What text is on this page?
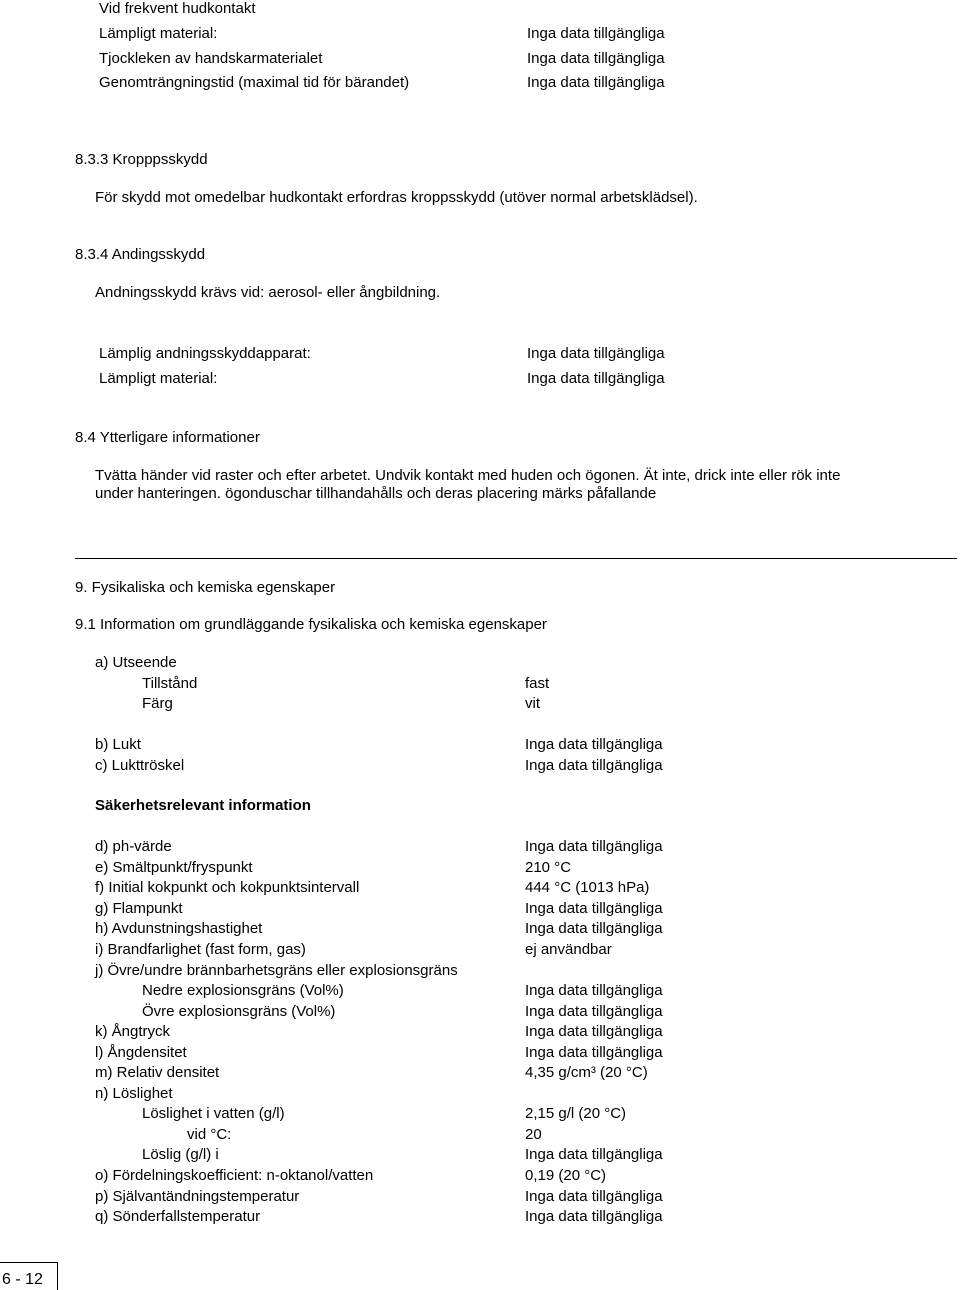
Vid frekvent hudkontakt
Lämpligt material:	Inga data tillgängliga
Tjockleken av handskarmaterialet	Inga data tillgängliga
Genomträngningstid (maximal tid för bärandet)	Inga data tillgängliga
8.3.3 Kropppsskydd
För skydd mot omedelbar hudkontakt erfordras kroppsskydd (utöver normal arbetsklädsel).
8.3.4 Andingsskydd
Andningsskydd krävs vid: aerosol- eller ångbildning.
Lämplig andningsskyddapparat:	Inga data tillgängliga
Lämpligt material:	Inga data tillgängliga
8.4 Ytterligare informationer
Tvätta händer vid raster och efter arbetet. Undvik kontakt med huden och ögonen. Ät inte, drick inte eller rök inte
under hanteringen. ögonduschar tillhandahålls och deras placering märks påfallande
9. Fysikaliska och kemiska egenskaper
9.1 Information om grundläggande fysikaliska och kemiska egenskaper
a) Utseende
Tillstånd	fast
Färg	vit
b) Lukt	Inga data tillgängliga
c) Lukttröskel	Inga data tillgängliga
Säkerhetsrelevant information
d) ph-värde	Inga data tillgängliga
e) Smältpunkt/fryspunkt	210 °C
f) Initial kokpunkt och kokpunktsintervall	444 °C (1013 hPa)
g) Flampunkt	Inga data tillgängliga
h) Avdunstningshastighet	Inga data tillgängliga
i) Brandfarlighet (fast form, gas)	ej användbar
j) Övre/undre brännbarhetsgräns eller explosionsgräns
Nedre explosionsgräns (Vol%)	Inga data tillgängliga
Övre explosionsgräns (Vol%)	Inga data tillgängliga
k) Ångtryck	Inga data tillgängliga
l) Ångdensitet	Inga data tillgängliga
m) Relativ densitet	4,35 g/cm³ (20 °C)
n) Löslighet
Löslighet i vatten (g/l)	2,15 g/l (20 °C)
vid °C:	20
Löslig (g/l) i	Inga data tillgängliga
o) Fördelningskoefficient: n-oktanol/vatten	0,19 (20 °C)
p) Självantändningstemperatur	Inga data tillgängliga
q) Sönderfallstemperatur	Inga data tillgängliga
6 - 12
